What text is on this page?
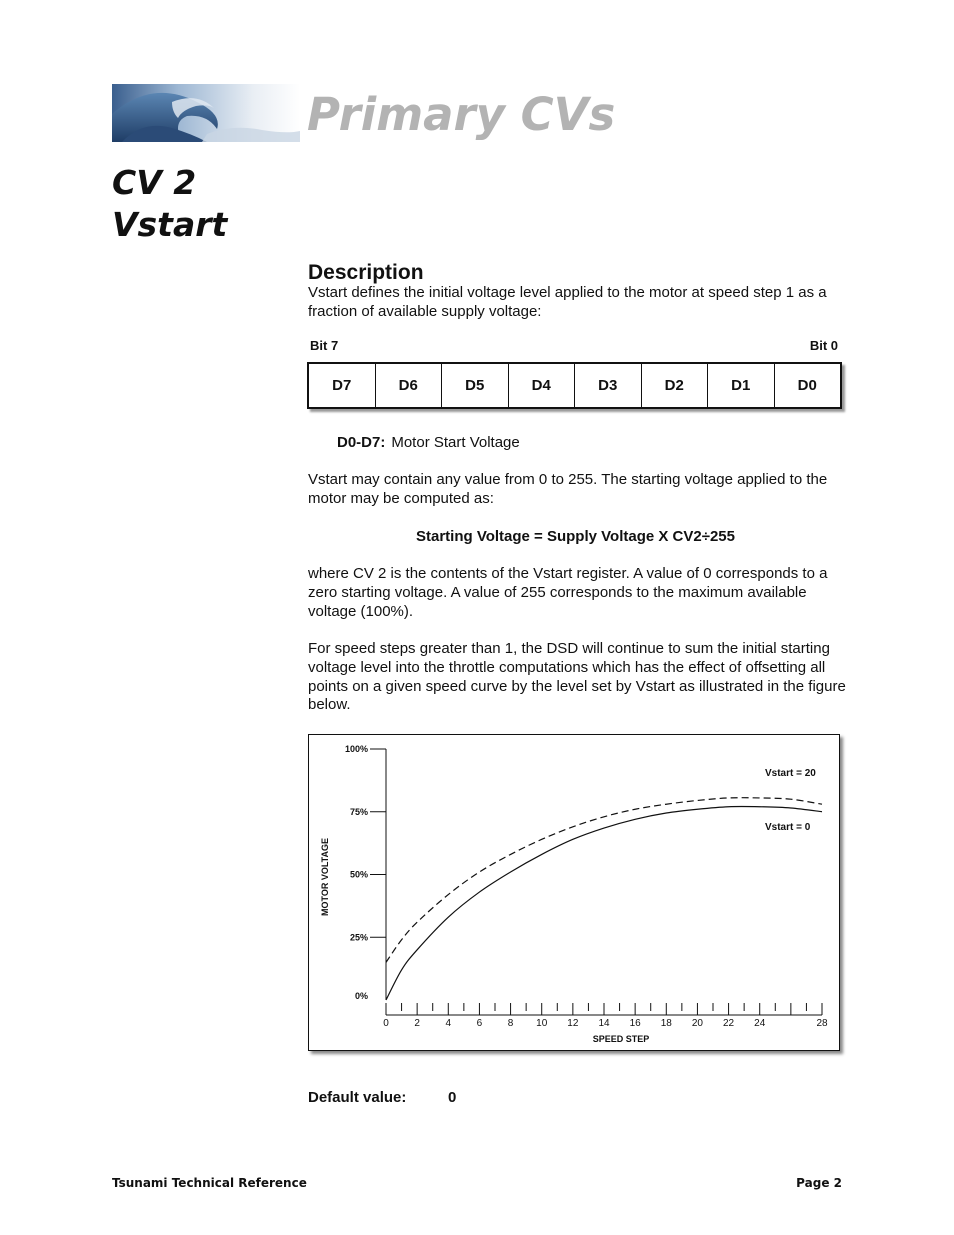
Primary CVs
CV 2
Vstart
Description
Vstart defines the initial voltage level applied to the motor at speed step 1 as a fraction of available supply voltage:
Bit 7	Bit 0
D7	D6	D5	D4	D3	D2	D1	D0
D0-D7: Motor Start Voltage
Vstart may contain any value from 0 to 255. The starting voltage applied to the motor may be computed as:
Starting Voltage = Supply Voltage X CV2÷255
where CV 2 is the contents of the Vstart register. A value of 0 corresponds to a zero starting voltage. A value of 255 corresponds to the maximum available voltage (100%).
For speed steps greater than 1, the DSD will continue to sum the initial starting voltage level into the throttle computations which has the effect of offsetting all points on a given speed curve by the level set by Vstart as illustrated in the figure below.
MOTOR VOLTAGE
SPEED STEP
Vstart = 20
Vstart = 0
0%
25%
50%
75%
100%
0	2	4	6	8 10 12 14 16 18 20 22 24	28
Default value:	0
Tsunami Technical Reference	Page 2
